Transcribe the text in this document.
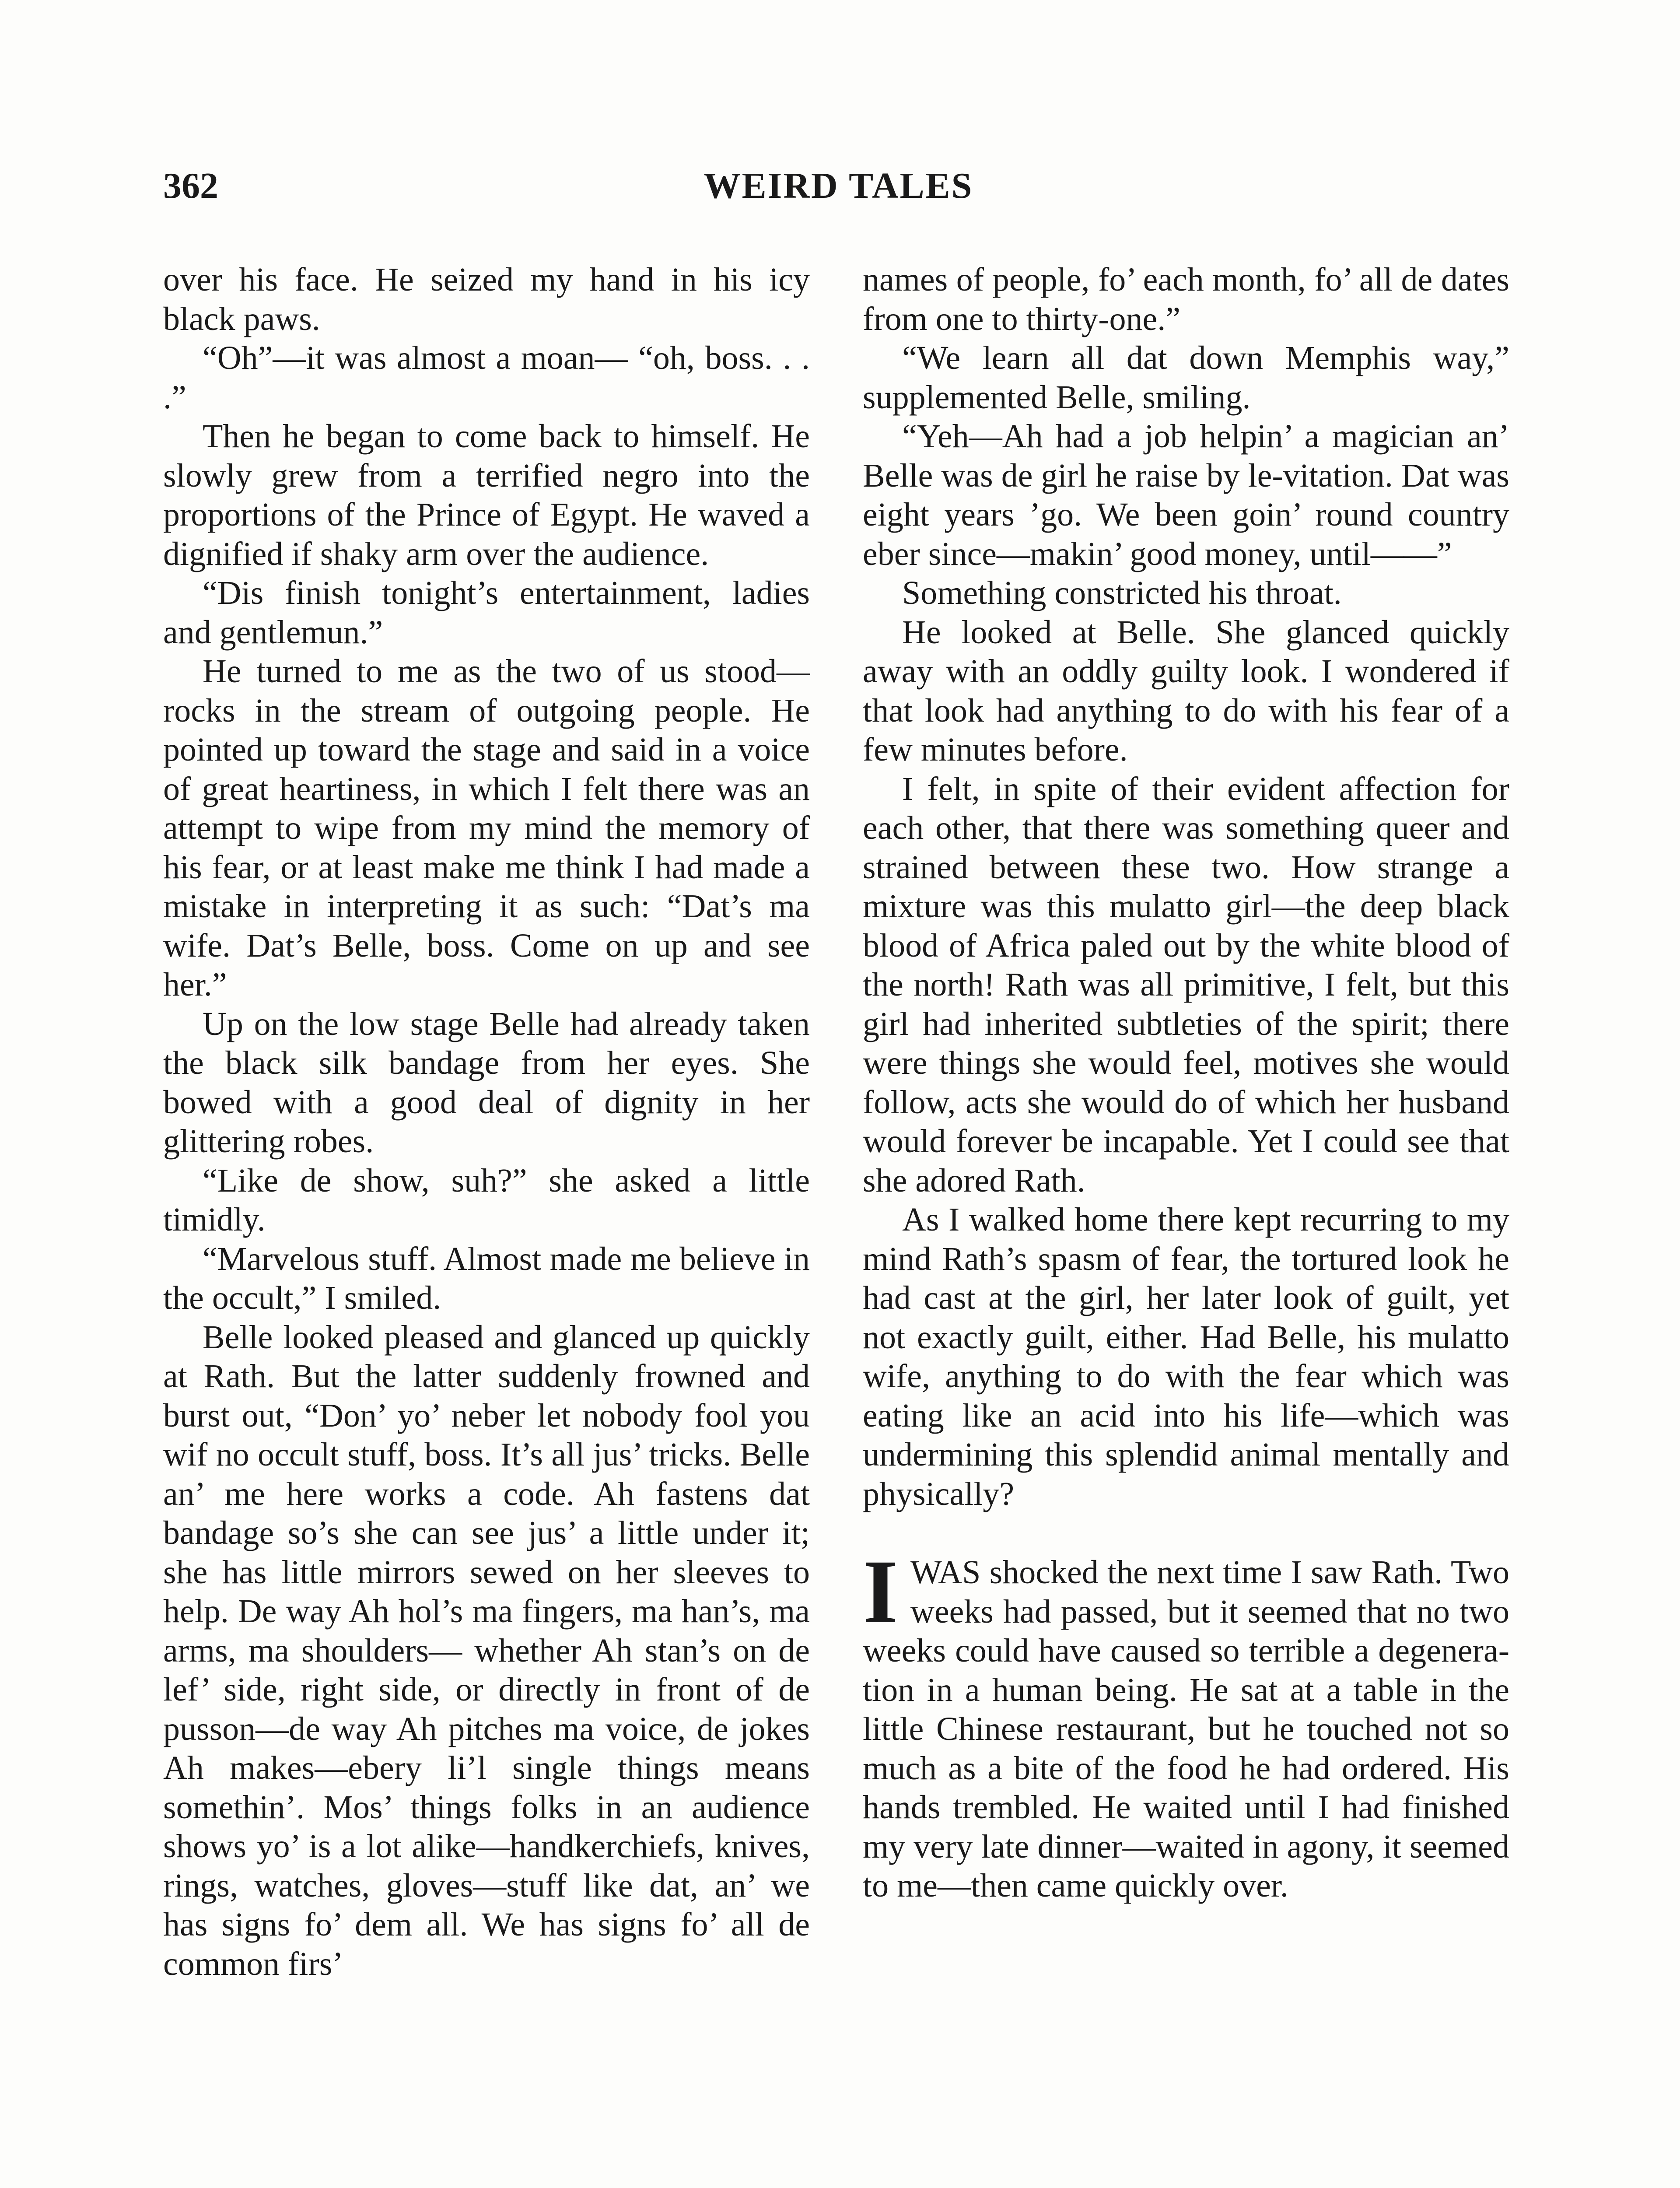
362	WEIRD TALES

over his face. He seized my hand in his icy black paws.

“Oh”—it was almost a moan— “oh, boss. . . .”

Then he began to come back to himself. He slowly grew from a terrified negro into the proportions of the Prince of Egypt. He waved a dignified if shaky arm over the audience.

“Dis finish tonight’s entertainment, ladies and gentlemun.”

He turned to me as the two of us stood—rocks in the stream of outgoing people. He pointed up toward the stage and said in a voice of great heartiness, in which I felt there was an attempt to wipe from my mind the memory of his fear, or at least make me think I had made a mistake in interpreting it as such: “Dat’s ma wife. Dat’s Belle, boss. Come on up and see her.”

Up on the low stage Belle had already taken the black silk bandage from her eyes. She bowed with a good deal of dignity in her glittering robes.

“Like de show, suh?” she asked a little timidly.

“Marvelous stuff. Almost made me believe in the occult,” I smiled.

Belle looked pleased and glanced up quickly at Rath. But the latter suddenly frowned and burst out, “Don’ yo’ neber let nobody fool you wif no occult stuff, boss. It’s all jus’ tricks. Belle an’ me here works a code. Ah fastens dat bandage so’s she can see jus’ a little under it; she has little mirrors sewed on her sleeves to help. De way Ah hol’s ma fingers, ma han’s, ma arms, ma shoulders— whether Ah stan’s on de lef’ side, right side, or directly in front of de pusson—de way Ah pitches ma voice, de jokes Ah makes—ebery li’l single things means somethin’. Mos’ things folks in an audience shows yo’ is a lot alike—handkerchiefs, knives, rings, watches, gloves—stuff like dat, an’ we has signs fo’ dem all. We has signs fo’ all de common firs’

names of people, fo’ each month, fo’ all de dates from one to thirty-one.”

“We learn all dat down Memphis way,” supplemented Belle, smiling.

“Yeh—Ah had a job helpin’ a magician an’ Belle was de girl he raise by le-vitation. Dat was eight years ’go. We been goin’ round country eber since—makin’ good money, until——”

Something constricted his throat.

He looked at Belle. She glanced quickly away with an oddly guilty look. I wondered if that look had anything to do with his fear of a few minutes before.

I felt, in spite of their evident affection for each other, that there was something queer and strained between these two. How strange a mixture was this mulatto girl—the deep black blood of Africa paled out by the white blood of the north! Rath was all primitive, I felt, but this girl had inherited subtleties of the spirit; there were things she would feel, motives she would follow, acts she would do of which her husband would forever be incapable. Yet I could see that she adored Rath.

As I walked home there kept recurring to my mind Rath’s spasm of fear, the tortured look he had cast at the girl, her later look of guilt, yet not exactly guilt, either. Had Belle, his mulatto wife, anything to do with the fear which was eating like an acid into his life—which was undermining this splendid animal mentally and physically?

IWAS shocked the next time I saw Rath. Two weeks had passed, but it seemed that no two weeks could have caused so terrible a degeneration in a human being. He sat at a table in the little Chinese restaurant, but he touched not so much as a bite of the food he had ordered. His hands trembled. He waited until I had finished my very late dinner—waited in agony, it seemed to me—then came quickly over.
